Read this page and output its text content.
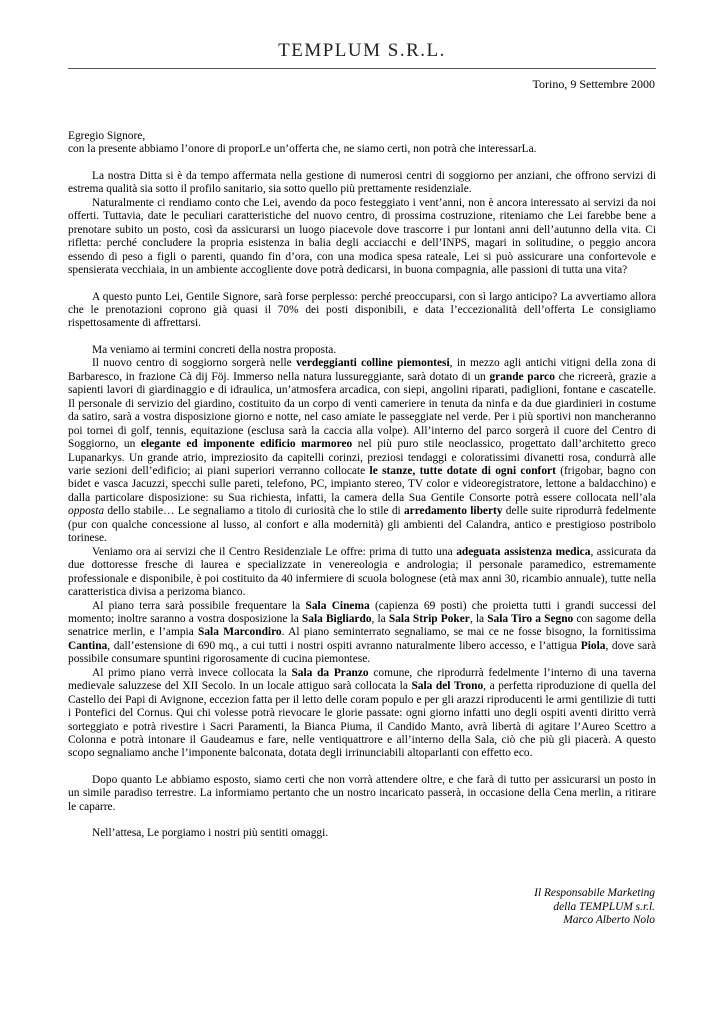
TEMPLUM S.R.L.
Torino, 9 Settembre 2000

Egregio Signore,

con la presente abbiamo l’onore di proporLe un’offerta che, ne siamo certi, non potrà che interessarLa.

La nostra Ditta si è da tempo affermata nella gestione di numerosi centri di soggiorno per anziani, che offrono servizi di estrema qualità sia sotto il profilo sanitario, sia sotto quello più prettamente residenziale.

Naturalmente ci rendiamo conto che Lei, avendo da poco festeggiato i vent’anni, non è ancora interessato ai servizi da noi offerti. Tuttavia, date le peculiari caratteristiche del nuovo centro, di prossima costruzione, riteniamo che Lei farebbe bene a prenotare subito un posto, così da assicurarsi un luogo piacevole dove trascorre i pur lontani anni dell’autunno della vita. Ci rifletta: perché concludere la propria esistenza in balia degli acciacchi e dell’INPS, magari in solitudine, o peggio ancora essendo di peso a figli o parenti, quando fin d’ora, con una modica spesa rateale, Lei si può assicurare una confortevole e spensierata vecchiaia, in un ambiente accogliente dove potrà dedicarsi, in buona compagnia, alle passioni di tutta una vita?

A questo punto Lei, Gentile Signore, sarà forse perplesso: perché preoccuparsi, con sì largo anticipo? La avvertiamo allora che le prenotazioni coprono già quasi il 70% dei posti disponibili, e data l’eccezionalità dell’offerta Le consigliamo rispettosamente di affrettarsi.

Ma veniamo ai termini concreti della nostra proposta.

Il nuovo centro di soggiorno sorgerà nelle verdeggianti colline piemontesi, in mezzo agli antichi vitigni della zona di Barbaresco, in frazione Cà dij Föj. Immerso nella natura lussureggiante, sarà dotato di un grande parco che ricreerà, grazie a sapienti lavori di giardinaggio e di idraulica, un’atmosfera arcadica, con siepi, angolini riparati, padiglioni, fontane e cascatelle. Il personale di servizio del giardino, costituito da un corpo di venti cameriere in tenuta da ninfa e da due giardinieri in costume da satiro, sarà a vostra disposizione giorno e notte, nel caso amiate le passeggiate nel verde. Per i più sportivi non mancheranno poi tornei di golf, tennis, equitazione (esclusa sarà la caccia alla volpe). All’interno del parco sorgerà il cuore del Centro di Soggiorno, un elegante ed imponente edificio marmoreo nel più puro stile neoclassico, progettato dall’architetto greco Lupanarkys. Un grande atrio, impreziosito da capitelli corinzi, preziosi tendaggi e coloratissimi divanetti rosa, condurrà alle varie sezioni dell’edificio; ai piani superiori verranno collocate le stanze, tutte dotate di ogni confort (frigobar, bagno con bidet e vasca Jacuzzi, specchi sulle pareti, telefono, PC, impianto stereo, TV color e videoregistratore, lettone a baldacchino) e dalla particolare disposizione: su Sua richiesta, infatti, la camera della Sua Gentile Consorte potrà essere collocata nell’ala opposta dello stabile… Le segnaliamo a titolo di curiosità che lo stile di arredamento liberty delle suite riprodurrà fedelmente (pur con qualche concessione al lusso, al confort e alla modernità) gli ambienti del Calandra, antico e prestigioso postribolo torinese.

Veniamo ora ai servizi che il Centro Residenziale Le offre: prima di tutto una adeguata assistenza medica, assicurata da due dottoresse fresche di laurea e specializzate in venereologia e andrologia; il personale paramedico, estremamente professionale e disponibile, è poi costituito da 40 infermiere di scuola bolognese (età max anni 30, ricambio annuale), tutte nella caratteristica divisa a perizoma bianco.

Al piano terra sarà possibile frequentare la Sala Cinema (capienza 69 posti) che proietta tutti i grandi successi del momento; inoltre saranno a vostra dosposizione la Sala Bigliardo, la Sala Strip Poker, la Sala Tiro a Segno con sagome della senatrice merlin, e l’ampia Sala Marcondiro. Al piano seminterrato segnaliamo, se mai ce ne fosse bisogno, la fornitissima Cantina, dall’estensione di 690 mq., a cui tutti i nostri ospiti avranno naturalmente libero accesso, e l’attigua Piola, dove sarà possibile consumare spuntini rigorosamente di cucina piemontese.

Al primo piano verrà invece collocata la Sala da Pranzo comune, che riprodurrà fedelmente l’interno di una taverna medievale saluzzese del XII Secolo. In un locale attiguo sarà collocata la Sala del Trono, a perfetta riproduzione di quella del Castello dei Papi di Avignone, eccezion fatta per il letto delle coram populo e per gli arazzi riproducenti le armi gentilizie di tutti i Pontefici del Cornus. Qui chi volesse potrà rievocare le glorie passate: ogni giorno infatti uno degli ospiti aventi diritto verrà sorteggiato e potrà rivestire i Sacri Paramenti, la Bianca Piuma, il Candido Manto, avrà libertà di agitare l’Aureo Scettro a Colonna e potrà intonare il Gaudeamus e fare, nelle ventiquattrore e all’interno della Sala, ciò che più gli piacerà. A questo scopo segnaliamo anche l’imponente balconata, dotata degli irrinunciabili altoparlanti con effetto eco.

Dopo quanto Le abbiamo esposto, siamo certi che non vorrà attendere oltre, e che farà di tutto per assicurarsi un posto in un simile paradiso terrestre. La informiamo pertanto che un nostro incaricato passerà, in occasione della Cena merlin, a ritirare le caparre.

Nell’attesa, Le porgiamo i nostri più sentiti omaggi.

Il Responsabile Marketing
della TEMPLUM s.r.l.
Marco Alberto Nolo
